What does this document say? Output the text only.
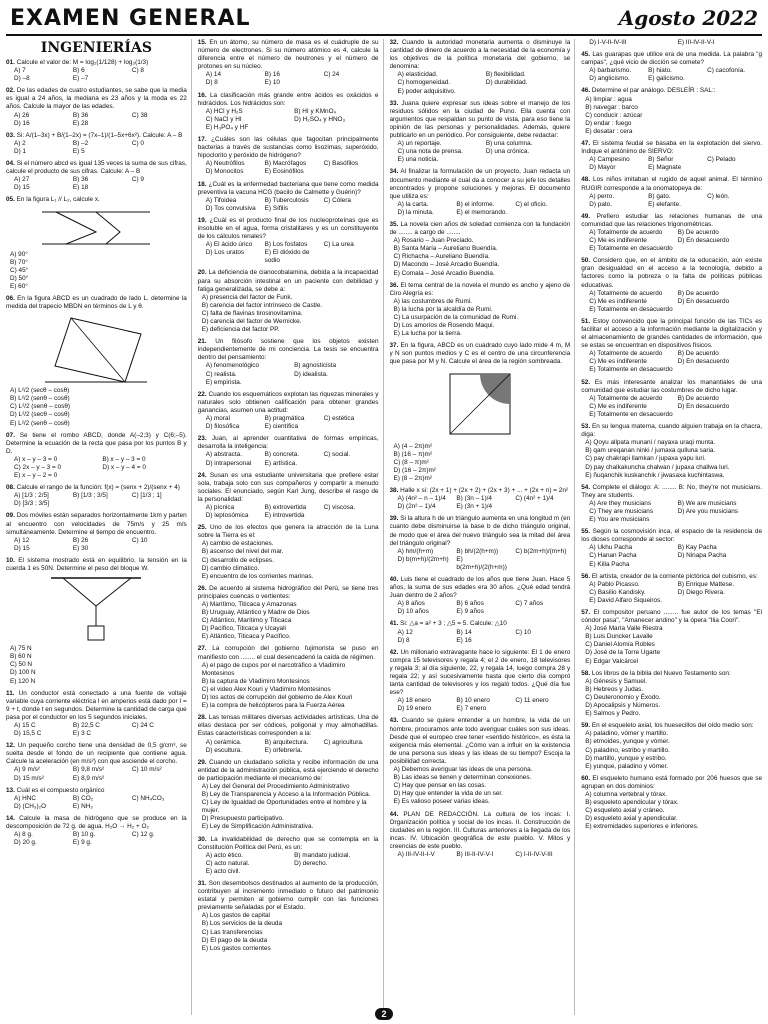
EXAMEN GENERAL	Agosto 2022
INGENIERÍAS
01. Calcule el valor de: M = log₂(1/128) + log₃(1/3)
A) 7	B) 6	C) 8
D) –8	E) –7
02. De las edades de cuatro estudiantes, se sabe que la media es igual a 24 años, la mediana es 23 años y la moda es 22 años. Calcule la mayor de las edades.
A) 26	B) 36	C) 38
D) 16	E) 28
03. Si: A/(1–3x) + B/(1–2x) = (7x–1)/(1–5x+6x²). Calcule: A – B
A) 2	B) –2	C) 0
D) 1	E) 5
04. Si el número abcd es igual 135 veces la suma de sus cifras, calcule el producto de sus cifras. Calcule: A – B
A) 27	B) 36	C) 9
D) 15	E) 18
05. En la figura L₁ // L₂, calcule x.
A) 90°
B) 70°
C) 45°
D) 50°
E) 60°
06. En la figura ABCD es un cuadrado de lado L. determine la medida del trapecio MBDN en términos de L y θ.
A) L²/2 (secθ – cosθ)
B) L²/2 (senθ – cosθ)
C) L²/2 (senθ – cosθ)
D) L²/2 (secθ – cosθ)
E) L²/2 (senθ – cosθ)
07. Se tiene el rombo ABCD, donde A(–2;3) y C(6;–5). Determine la ecuación de la recta que pasa por los puntos B y D.
A) x – y – 3 = 0	B) x – y – 3 = 0
C) 2x – y – 3 = 0	D) x – y – 4 = 0
E) x – y – 2 = 0
08. Calcule el rango de la función: f(x) = (senx + 2)/(senx + 4)
A) [1/3 ; 2/5]	B) [1/3 ; 3/5]	C) [1/3 ; 1]
D) [3/3 ; 3/5]
09. Dos móviles están separados horizontalmente 1km y parten al encuentro con velocidades de 75m/s y 25 m/s simultáneamente. Determine el tiempo de encuentro.
A) 12	B) 26	C) 10
D) 15	E) 30
10. El sistema mostrado está en equilibrio, la tensión en la cuerda 1 es 50N. Determine el peso del bloque W.
A) 75 N
B) 60 N
C) 50 N
D) 100 N
E) 120 N
11. Un conductor está conectado a una fuente de voltaje variable cuya corriente eléctrica I en amperios está dado por I = 9 + t, donde t en segundos. Determine la cantidad de carga que pasa por el conductor en los 5 segundos iniciales.
A) 15 C	B) 22,5 C	C) 24 C
D) 15,5 C	E) 3 C
12. Un pequeño corcho tiene una densidad de 0,5 g/cm³, se suelta desde el fondo de un recipiente que contiene agua. Calcule la aceleración (en m/s²) con que asciende el corcho.
A) 9 m/s²	B) 9,8 m/s²	C) 10 m/s²
D) 15 m/s²	E) 8,9 m/s²
13. Cuál es el compuesto orgánico
A) HNC	B) CO₂	C) NH₄CO₃
D) (CH₃)₂O	E) NH₃
14. Calcule la masa de hidrógeno que se produce en la descomposición de 72 g. de agua. H₂O → H₂ + O₂
A) 8 g.	B) 10 g.	C) 12 g.
D) 20 g.	E) 9 g.
15. En un átomo, su número de masa es el cuádruple de su número de electrones. Si su número atómico es 4, calcule la diferencia entre el número de neutrones y el número de protones en su núcleo.
A) 14	B) 16	C) 24
D) 8	E) 10
16. La clasificación más grande entre ácidos es oxácidos e hidrácidos. Los hidrácidos son:
A) HCl y H₂S	B) HI y KMnO₄
C) NaCl y HI	D) H₂SO₄ y HNO₃
E) H₃PO₄ y HF
17. ¿Cuáles son las células que fagocitan principalmente bacterias a través de sustancias como lisozimas, superóxido, hipoclorito y peróxido de hidrógeno?
A) Neutrófilos	B) Macrófagos	C) Basófilos
D) Monocitos	E) Eosinófilos
18. ¿Cuál es la enfermedad bacteriana que tiene como medida preventiva la vacuna HCG (bacilo de Calmette y Guérin)?
A) Tifoidea	B) Tuberculosis	C) Cólera
D) Tos convulsiva	E) Sífilis
19. ¿Cuál es el producto final de los nucleoproteínas que es insoluble en el agua, forma cristalitares y es un constituyente de los cálculos renales?
A) El ácido úrico	B) Los fosfatos	C) La urea
D) Los uratos	E) El dióxido de sodio
20. La deficiencia de cianocobalamina, debida a la incapacidad para su absorción intestinal en un paciente con debilidad y fatiga generalizada, se debe a:
A) presencia del factor de Funk.
B) carencia del factor intrínseco de Castle.
C) falta de flavinas tirosinovitamina.
D) carencia del factor de Wernicke.
E) deficiencia del factor PP.
21. Un filósofo sostiene que los objetos existen independientemente de mi conciencia. La tesis se encuentra dentro del pensamiento:
A) fenomenológico	B) agnosticista
C) realista.	D) idealista.
E) empirista.
22. Cuando los esquemáticos explotan las riquezas minerales y naturales solo obtienen calificación para obtener grandes ganancias, asumen una actitud:
A) moral	B) pragmática	C) estética
D) filosófica	E) científica
23. Juan, al aprender cuantitativa de formas empíricas, desarrolla la inteligencia:
A) abstracta.	B) concreta.	C) social.
D) intrapersonal	E) artística.
24. Susan es una estudiante universitaria que prefiere estar sola, trabaja solo con sus compañeros y compartir a menudo sociales. El enunciado, según Karl Jung, describe el rasgo de la personalidad:
A) pícnica	B) extrovertida	C) viscosa.
D) leptosómica	E) introvertida
25. Uno de los efectos que genera la atracción de la Luna sobre la Tierra es el:
A) cambio de estaciones.
B) ascenso del nivel del mar.
C) desarrollo de eclipses.
D) cambio climático.
E) encuentro de los corrientes marinas.
26. De acuerdo al sistema hidrográfico del Perú, se tiene tres principales cuencas o vertientes:
A) Marítimo, Titicaca y Amazonas
B) Uruguay, Atlántico y Madre de Dios
C) Atlántico, Marítimo y Titicaca
D) Pacífico, Titicaca y Ucayali
E) Atlántico, Titicaca y Pacífico.
27. La corrupción del gobierno fujimorista se puso en manifiesto con ........ el cual desencadenó la caída de régimen.
A) el pago de cupos por el narcotráfico a Vladimiro Montesinos
B) la captura de Vladimiro Montesinos
C) el video Alex Kouri y Vladimiro Montesinos
D) los actos de corrupción del gobierno de Alex Kouri
E) la compra de helicópteros para la Fuerza Aérea
28. Las tensas militares diversas actividades artísticas. Una de ellas destaca por ser códices, poligonal y muy almohadillas. Estas características corresponden a la:
A) cerámica.	B) arquitectura.	C) agricultura.
D) escultura.	E) orfebrería.
29. Cuando un ciudadano solicita y recibe información de una entidad de la administración pública, está ejerciendo el derecho de participación mediante el mecanismo de:
A) Ley del General del Procedimiento Administrativo
B) Ley de Transparencia y Acceso a la Información Pública.
C) Ley de Igualdad de Oportunidades entre el hombre y la mujer.
D) Presupuesto participativo.
E) Ley de Simplificación Administrativa.
30. La invalidabilidad de derecho que se contempla en la Constitución Política del Perú, es un:
A) acto ético.	B) mandato judicial.
C) acto natural.	D) derecho.
E) acto civil.
31. Son desembolsos destinados al aumento de la producción, contribuyen al incremento inmediato o futuro del patrimonio estatal y permiten al gobierno cumplir con las funciones previamente señaladas por el Estado.
A) Los gastos de capital
B) Los servicios de la deuda
C) Las transferencias
D) El pago de la deuda
E) Los gastos corrientes
32. Cuando la autoridad monetaria aumenta o disminuye la cantidad de dinero de acuerdo a la necesidad de la economía y los objetivos de la política monetaria del gobierno, se denomina:
A) elasticidad.	B) flexibilidad.
C) homogeneidad.	D) durabilidad.
E) poder adquisitivo.
33. Juana quiere expresar sus ideas sobre el manejo de los residuos sólidos en la ciudad de Puno. Ella cuenta con argumentos que respaldan su punto de vista, para eso tiene la opinión de las personas y personalidades. Además, quiere publicarlo en un periódico. Por consiguiente, debe redactar:
A) un reportaje.	B) una columna.
C) una nota de prensa.	D) una crónica.
E) una noticia.
34. Al finalizar la formulación de un proyecto, Juan redacta un documento mediante el cual da a conocer a su jefe los detalles encontrados y propone soluciones y mejoras. El documento que utiliza es:
A) la carta.	B) el informe.	C) el oficio.
D) la minuta.	E) el memorando.
35. La novela cien años de soledad comienza con la fundación de ........ a cargo de ........
A) Rosario – Juan Preciado.
B) Santa María – Aureliano Buendía.
C) Richacha – Aureliano Buendía.
D) Macondo – José Arcadio Buendía.
E) Comala – José Arcadio Buendía.
36. El tema central de la novela el mundo es ancho y ajeno de Ciro Alegría es:
A) las costumbres de Rumi.
B) la lucha por la alcaldía de Rumi.
C) La usurpación de la comunidad de Rumi.
D) Los amoríos de Rosendo Maqui.
E) La lucha por la tierra.
37. En la figura, ABCD es un cuadrado cuyo lado mide 4 m, M y N son puntos medios y C es el centro de una circunferencia que pasa por M y N. Calcule el área de la región sombreada.
A) (4 – 2π)m²
B) (16 – π)m²
C) (8 – π)m²
D) (16 – 2π)m²
E) (8 – 2π)m²
38. Halle x si: (2x + 1) + (2x + 2) + (2x + 3) + ... + (2x + n) = 2n²
A) (4n² – n – 1)/4	B) (3n – 1)/4	C) (4n² + 1)/4
D) (2n² – 1)/4	E) (3n + 1)/4
39. Si la altura h de un triángulo aumenta en una longitud m (en cuanto debe disminuirse la base b de dicho triángulo original, de modo que el área del nuevo triángulo sea la mitad del área del triángulo original?
A) hm/(h+m)	B) bh/(2(h+m))	C) b(2m+h)/(m+h)
D) b(m+h)/(2m+h)	E) b(2m+h)/(2(h+m))
40. Luis tiene el cuadrado de los años que tiene Juan. Hace 5 años, la suma de sus edades era 30 años. ¿Qué edad tendrá Juan dentro de 2 años?
A) 8 años	B) 6 años	C) 7 años
D) 10 años	E) 9 años
41. Si: △a = a² + 3 ; △5 = 5. Calcule: △10
A) 12	B) 14	C) 10
D) 8	E) 16
42. Un millonario extravagante hace lo siguiente: El 1 de enero compra 15 televisores y regala 4; el 2 de enero, 18 televisores y regala 3; al día siguiente, 22, y regala 14, luego compra 28 y regala 22; y así sucesivamente hasta que cierto día compró tanta cantidad de televisores y los regaló todos. ¿Qué día fue ese?
A) 18 enero	B) 10 enero	C) 11 enero
D) 19 enero	E) 7 enero
43. Cuando se quiere entender a un hombre, la vida de un hombre, procuramos ante todo averiguar cuáles son sus ideas. Desde que el europeo cree tener «sentido histórico», es ésta la exigencia más elemental. ¿Cómo van a influir en la existencia de una persona sus ideas y las ideas de su tiempo? Escoja la posibilidad correcta.
A) Debemos averiguar las ideas de una persona.
B) Las ideas se tienen y determinan conexiones.
C) Hay que pensar en las cosas.
D) Hay que entender la vida de un ser.
E) Es valioso poseer varias ideas.
44. PLAN DE REDACCIÓN. La cultura de los incas: I. Organización política y social de los incas. II. Construcción de ciudades en la región. III. Culturas anteriores a la llegada de los incas. IV. Ubicación geográfica de este pueblo. V. Mitos y creencias de este pueblo.
A) III-IV-II-I-V	B) III-II-IV-V-I	C) I-II-IV-V-III
D) I-V-II-IV-III	E) III-IV-II-V-I
45. Las guarapas que utilice era de una medida. La palabra "g campas", ¿qué vicio de dicción se comete?
A) barbarismo.	B) hiato.	C) cacofonía.
D) anglicismo.	E) galicismo.
46. Determine el par análogo. DESLEÍR : SAL::
A) limpiar : agua
B) navegar : barco
C) conducir : azúcar
D) endar : fuego
E) desatar : cera
47. El sistema feudal se basaba en la explotación del siervo. Indique el antónimo de SIERVO:
A) Campesino	B) Señor	C) Pelado
D) Mayor	E) Magnate
48. Los niños imitaban el rugido de aquel animal. El término RUGIR corresponde a la onomatopeya de:
A) perro.	B) gato.	C) león.
D) pato.	E) elefante.
49. Prefiero estudiar las relaciones humanas de una comunidad que las relaciones trigonométricas.
A) Totalmente de acuerdo	B) De acuerdo
C) Me es indiferente	D) En desacuerdo
E) Totalmente en desacuerdo
50. Considero que, en el ámbito de la educación, aún existe gran desigualdad en el acceso a la tecnología, debido a factores como la pobreza o la falta de políticas públicas educativas.
A) Totalmente de acuerdo	B) De acuerdo
C) Me es indiferente	D) En desacuerdo
E) Totalmente en desacuerdo
51. Estoy convencido que la principal función de las TICs es facilitar el acceso a la información mediante la digitalización y el almacenamiento de grandes cantidades de información, que se estas se encuentran en dispositivos físicos.
A) Totalmente de acuerdo	B) De acuerdo
C) Me es indiferente	D) En desacuerdo
E) Totalmente en desacuerdo
52. Es más interesante analizar los manantiales de una comunidad que estudiar las costumbres de dicho lugar.
A) Totalmente de acuerdo	B) De acuerdo
C) Me es indiferente	D) En desacuerdo
E) Totalmente en desacuerdo
53. En su lengua materna, cuando alguien trabaja en la chacra, diga:
A) Qoyu allpata munani / nayaxa uraqi munta.
B) qam ureqanan ninki / jumaxa qulluna saria.
C) pay chakrapi llamkan / jupaxa yapu luri.
D) pay chalkakuncha chalwan / jupaxa challwa luri.
E) ñuqanchik kuskanchik / jiwasaxa kuchintaswa.
54. Complete el diálogo: A: ........ B: No, they're not musicians. They are students.
A) Are they musicians	B) We are musicians
C) They are musicians	D) Are you musicians
E) You are musicians
55. Según la cosmovisión inca, el espacio de la residencia de los dioses corresponde al sector:
A) Ukhu Pacha	B) Kay Pacha
C) Hanan Pacha	D) Ninapa Pacha
E) Killa Pacha
56. El artista, creador de la corriente pictórica del cubismo, es:
A) Pablo Picasso.	B) Enrique Mattese.
C) Basilio Kandisky.	D) Diego Rivera.
E) David Alfaro Siqueiros.
57. El compositor peruano ........ fue autor de los temas "El cóndor pasa", "Amanecer andino" y la ópera "Ilia Coori".
A) José María Valle Riestra
B) Luis Duncker Lavalle
C) Daniel Alomía Robles
D) José de la Torre Ugarte
E) Edgar Valcárcel
58. Los libros de la biblia del Nuevo Testamento son:
A) Génesis y Samuel.
B) Hebreos y Judas.
C) Deuteronomio y Éxodo.
D) Apocalipsis y Números.
E) Salmos y Pedro.
59. En el esqueleto axial, los huesecillos del oído medio son:
A) paladino, vómer y martillo.
B) etmoides, yunque y vómer.
C) paladino, estribo y martillo.
D) martillo, yunque y estribo.
E) yunque, paladino y vómer.
60. El esqueleto humano está formado por 206 huesos que se agrupan en dos dominios:
A) columna vertebral y tórax.
B) esqueleto apendicular y tórax.
C) esqueleto axial y cráneo.
D) esqueleto axial y apendicular.
E) extremidades superiores e inferiores.
2
